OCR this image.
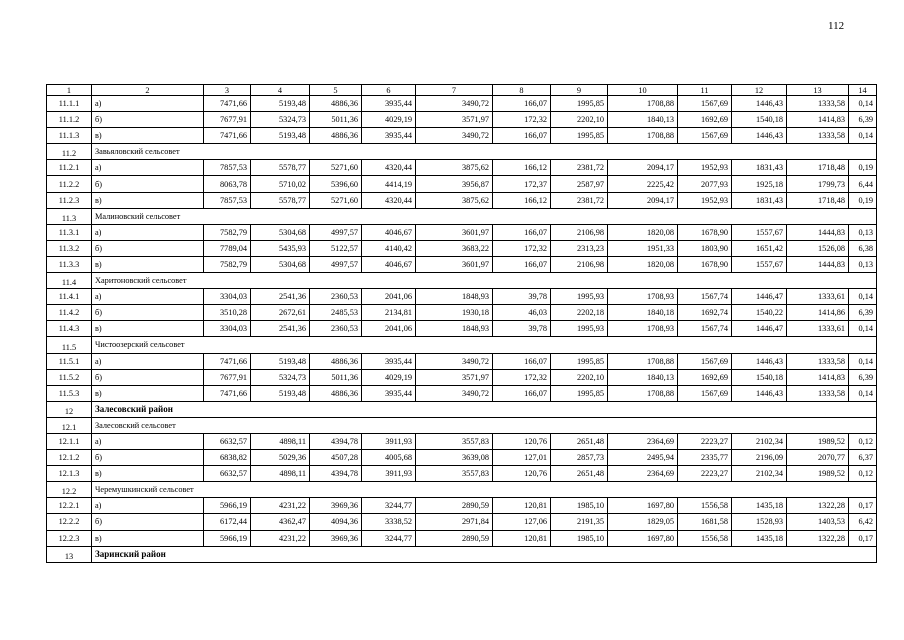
112
1	2	3	4	5	6	7	8	9	10	11	12	13	14
11.1.1	а)	7471,66	5193,48	4886,36	3935,44	3490,72	166,07	1995,85	1708,88	1567,69	1446,43	1333,58	0,14
11.1.2	б)	7677,91	5324,73	5011,36	4029,19	3571,97	172,32	2202,10	1840,13	1692,69	1540,18	1414,83	6,39
11.1.3	в)	7471,66	5193,48	4886,36	3935,44	3490,72	166,07	1995,85	1708,88	1567,69	1446,43	1333,58	0,14
11.2	Завьяловский сельсовет												
11.2.1	а)	7857,53	5578,77	5271,60	4320,44	3875,62	166,12	2381,72	2094,17	1952,93	1831,43	1718,48	0,19
11.2.2	б)	8063,78	5710,02	5396,60	4414,19	3956,87	172,37	2587,97	2225,42	2077,93	1925,18	1799,73	6,44
11.2.3	в)	7857,53	5578,77	5271,60	4320,44	3875,62	166,12	2381,72	2094,17	1952,93	1831,43	1718,48	0,19
11.3	Малиновский сельсовет												
11.3.1	а)	7582,79	5304,68	4997,57	4046,67	3601,97	166,07	2106,98	1820,08	1678,90	1557,67	1444,83	0,13
11.3.2	б)	7789,04	5435,93	5122,57	4140,42	3683,22	172,32	2313,23	1951,33	1803,90	1651,42	1526,08	6,38
11.3.3	в)	7582,79	5304,68	4997,57	4046,67	3601,97	166,07	2106,98	1820,08	1678,90	1557,67	1444,83	0,13
11.4	Харитоновский сельсовет												
11.4.1	а)	3304,03	2541,36	2360,53	2041,06	1848,93	39,78	1995,93	1708,93	1567,74	1446,47	1333,61	0,14
11.4.2	б)	3510,28	2672,61	2485,53	2134,81	1930,18	46,03	2202,18	1840,18	1692,74	1540,22	1414,86	6,39
11.4.3	в)	3304,03	2541,36	2360,53	2041,06	1848,93	39,78	1995,93	1708,93	1567,74	1446,47	1333,61	0,14
11.5	Чистоозерский сельсовет												
11.5.1	а)	7471,66	5193,48	4886,36	3935,44	3490,72	166,07	1995,85	1708,88	1567,69	1446,43	1333,58	0,14
11.5.2	б)	7677,91	5324,73	5011,36	4029,19	3571,97	172,32	2202,10	1840,13	1692,69	1540,18	1414,83	6,39
11.5.3	в)	7471,66	5193,48	4886,36	3935,44	3490,72	166,07	1995,85	1708,88	1567,69	1446,43	1333,58	0,14
12	Залесовский район												
12.1	Залесовский сельсовет												
12.1.1	а)	6632,57	4898,11	4394,78	3911,93	3557,83	120,76	2651,48	2364,69	2223,27	2102,34	1989,52	0,12
12.1.2	б)	6838,82	5029,36	4507,28	4005,68	3639,08	127,01	2857,73	2495,94	2335,77	2196,09	2070,77	6,37
12.1.3	в)	6632,57	4898,11	4394,78	3911,93	3557,83	120,76	2651,48	2364,69	2223,27	2102,34	1989,52	0,12
12.2	Черемушкинский сельсовет												
12.2.1	а)	5966,19	4231,22	3969,36	3244,77	2890,59	120,81	1985,10	1697,80	1556,58	1435,18	1322,28	0,17
12.2.2	б)	6172,44	4362,47	4094,36	3338,52	2971,84	127,06	2191,35	1829,05	1681,58	1528,93	1403,53	6,42
12.2.3	в)	5966,19	4231,22	3969,36	3244,77	2890,59	120,81	1985,10	1697,80	1556,58	1435,18	1322,28	0,17
13	Заринский район												
